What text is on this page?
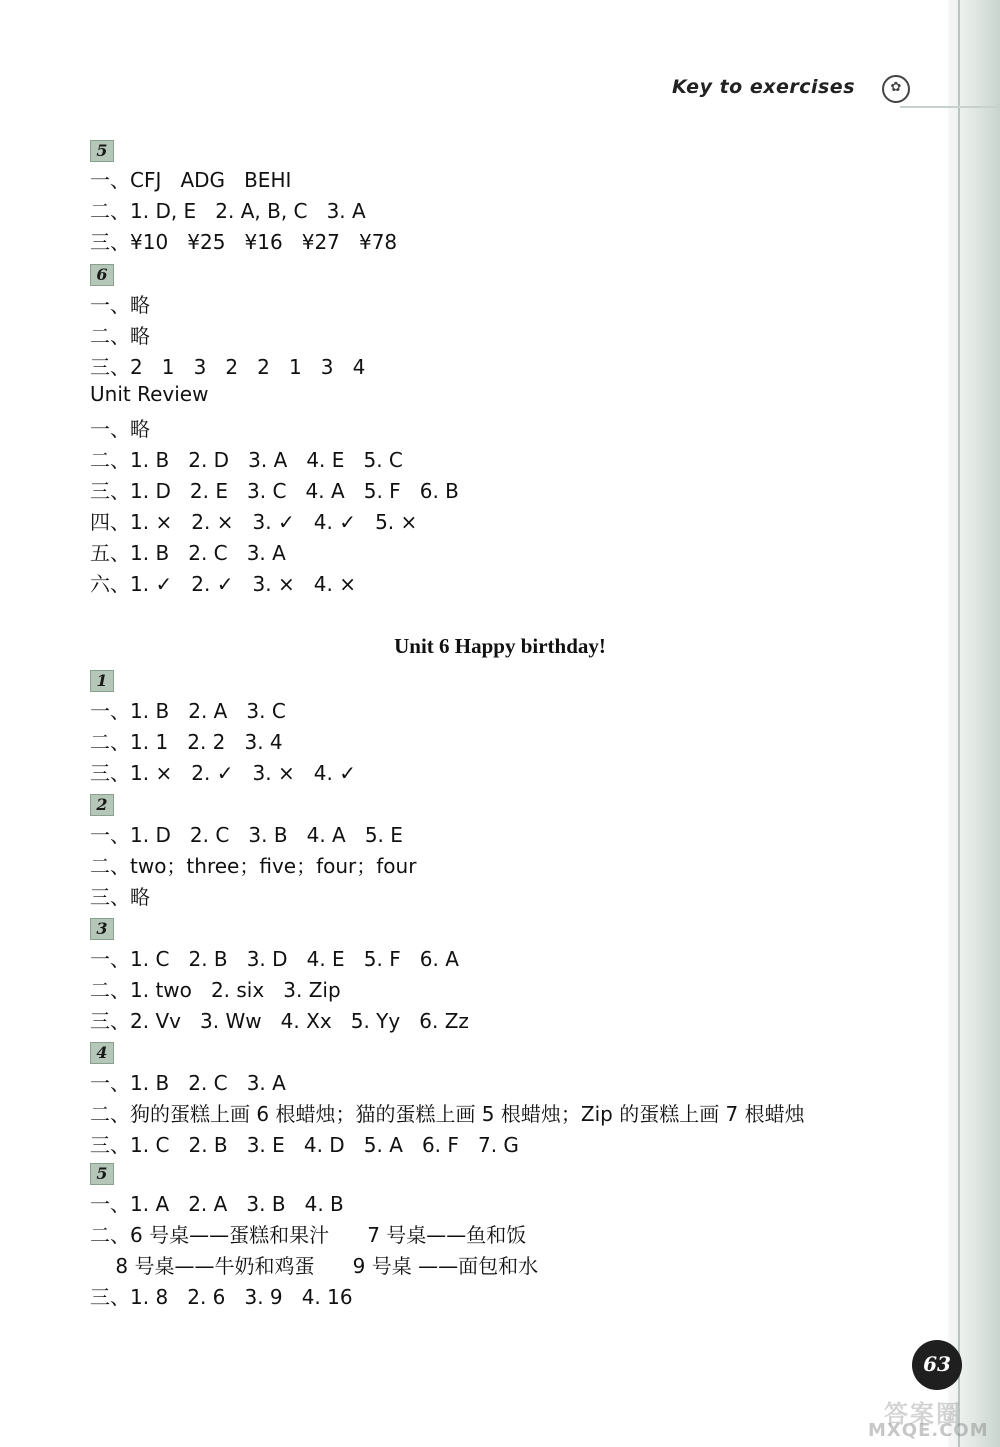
Key to exercises	✿
5
一、CFJ   ADG   BEHI
二、1. D, E   2. A, B, C   3. A
三、¥10   ¥25   ¥16   ¥27   ¥78
6
一、略
二、略
三、2   1   3   2   2   1   3   4
Unit Review
一、略
二、1. B   2. D   3. A   4. E   5. C
三、1. D   2. E   3. C   4. A   5. F   6. B
四、1. ×   2. ×   3. ✓   4. ✓   5. ×
五、1. B   2. C   3. A
六、1. ✓   2. ✓   3. ×   4. ×
Unit 6 Happy birthday!
1
一、1. B   2. A   3. C
二、1. 1   2. 2   3. 4
三、1. ×   2. ✓   3. ×   4. ✓
2
一、1. D   2. C   3. B   4. A   5. E
二、two；three；five；four；four
三、略
3
一、1. C   2. B   3. D   4. E   5. F   6. A
二、1. two   2. six   3. Zip
三、2. Vv   3. Ww   4. Xx   5. Yy   6. Zz
4
一、1. B   2. C   3. A
二、狗的蛋糕上画 6 根蜡烛；猫的蛋糕上画 5 根蜡烛；Zip 的蛋糕上画 7 根蜡烛
三、1. C   2. B   3. E   4. D   5. A   6. F   7. G
5
一、1. A   2. A   3. B   4. B
二、6 号桌——蛋糕和果汁      7 号桌——鱼和饭
8 号桌——牛奶和鸡蛋      9 号桌 ——面包和水
三、1. 8   2. 6   3. 9   4. 16
63
答案圈
MXQE.COM
